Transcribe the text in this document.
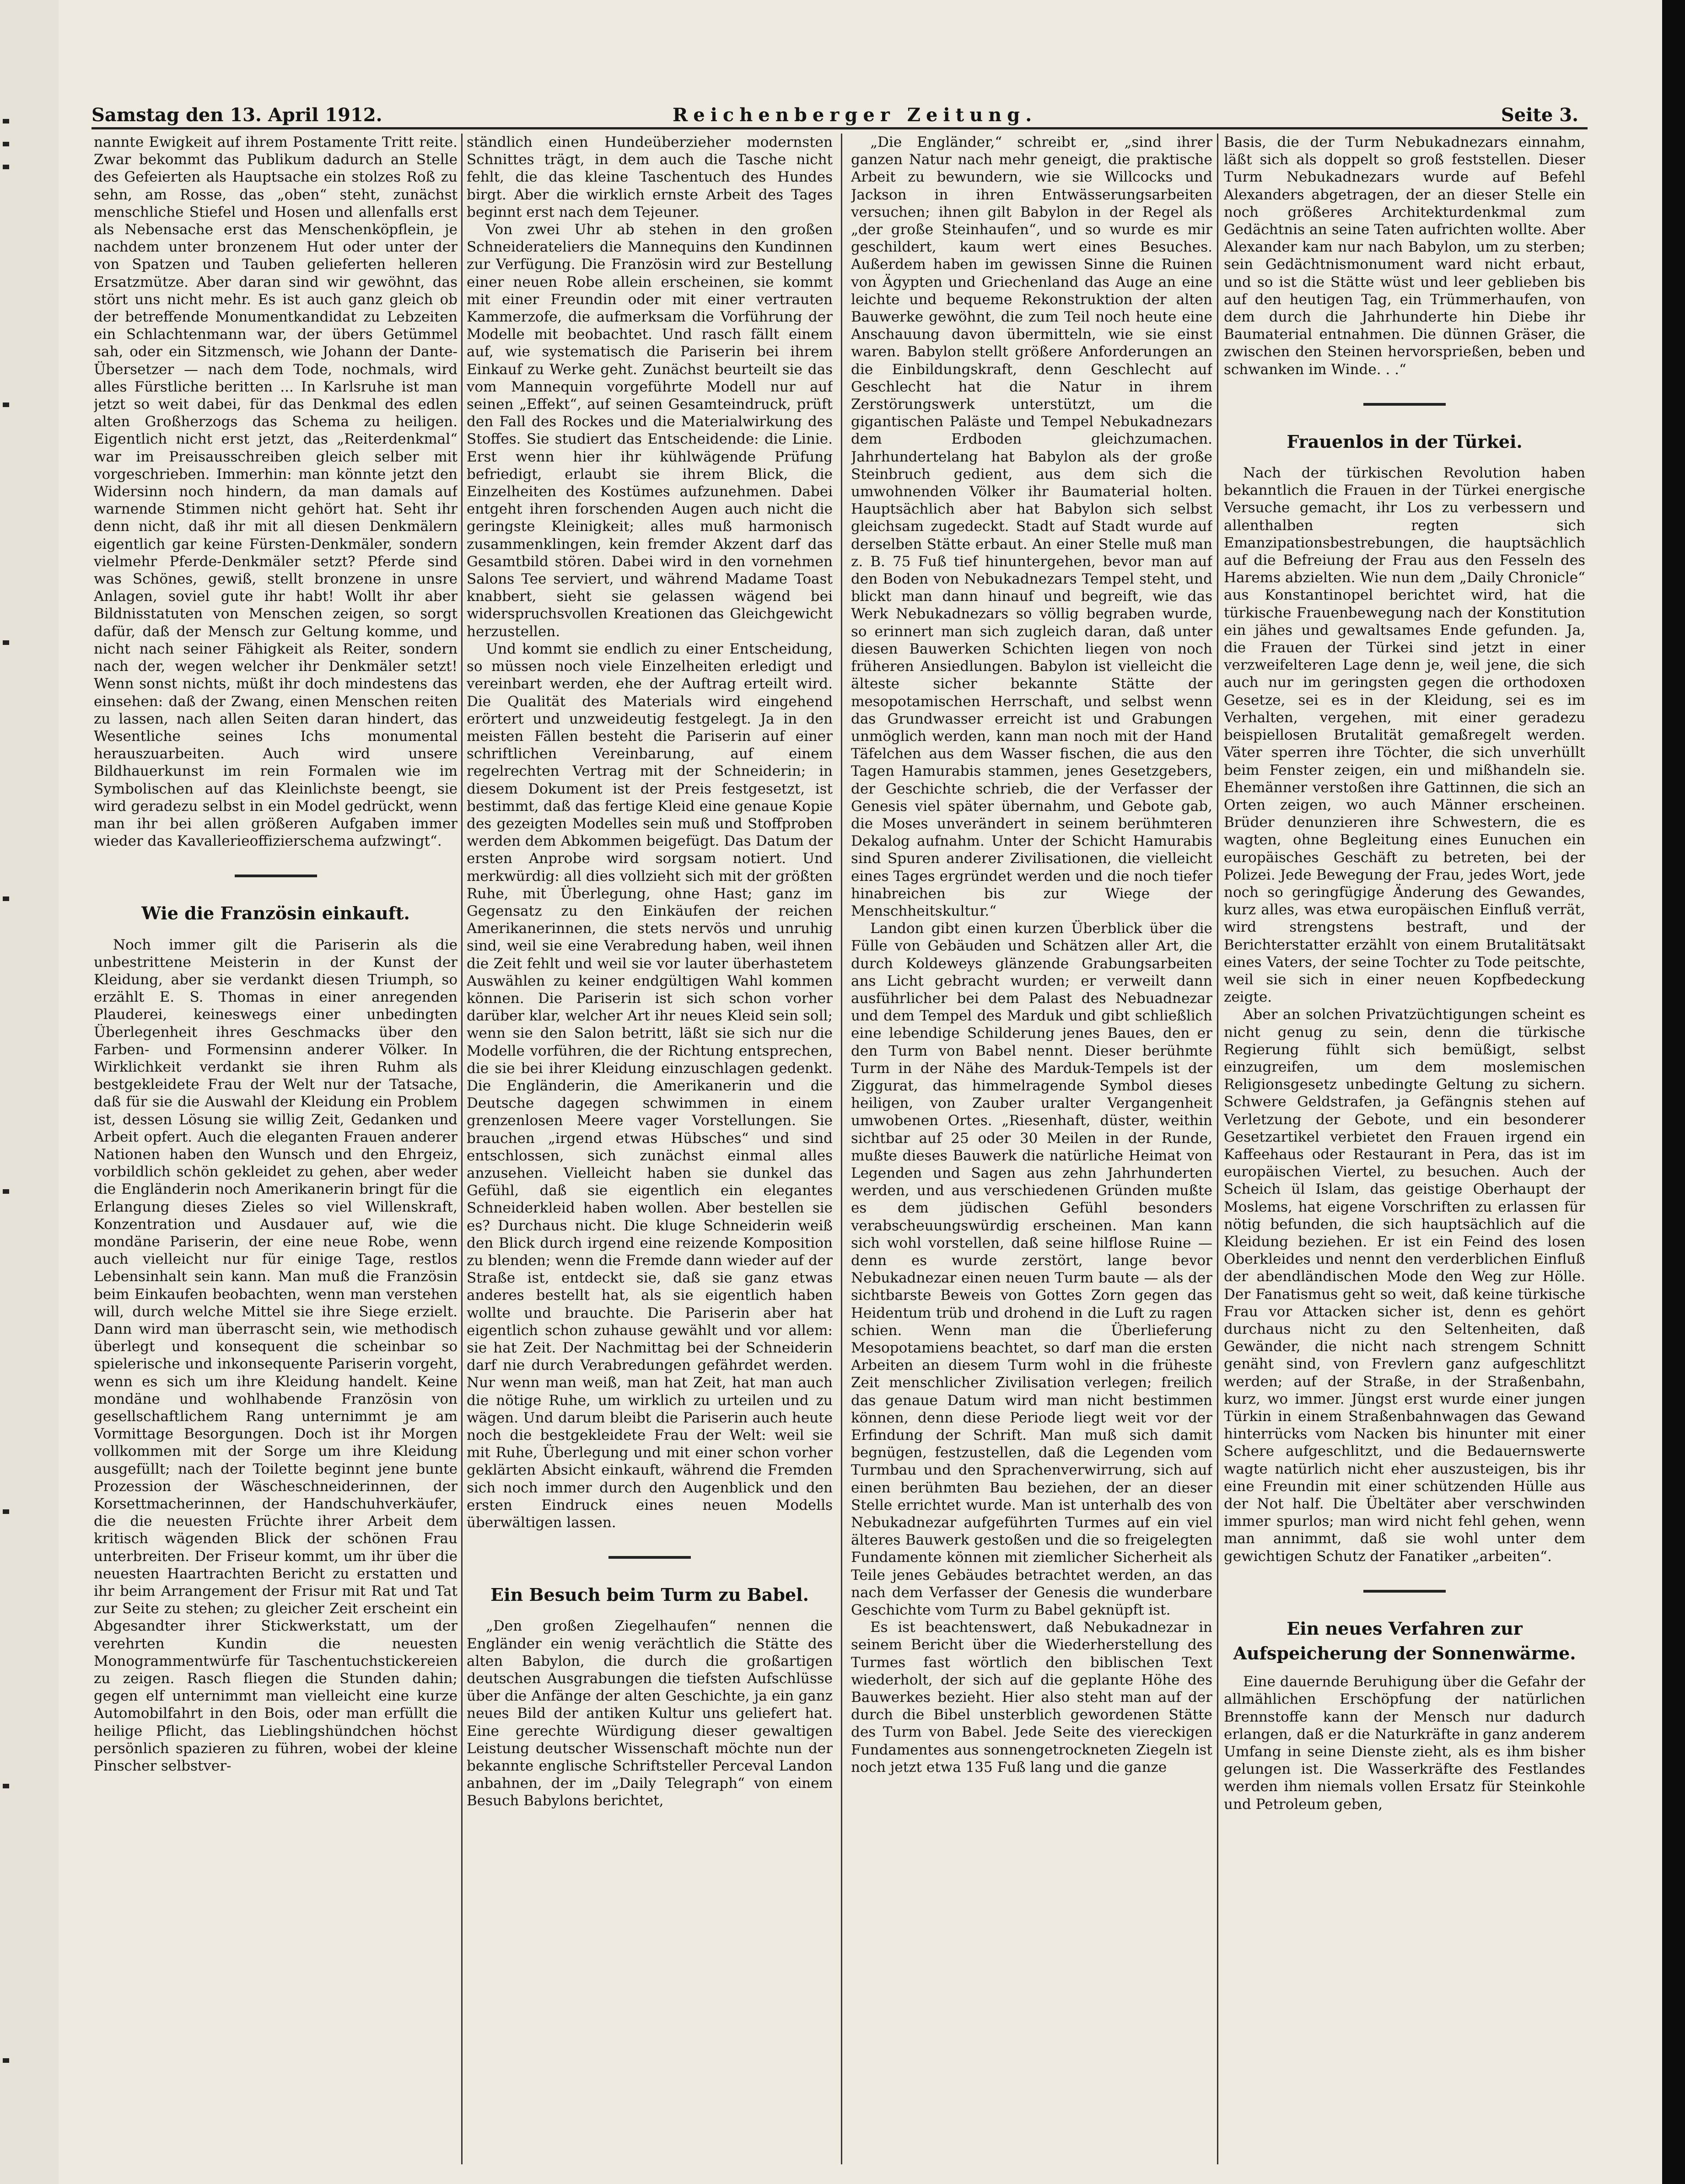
Samstag den 13. April 1912.	Reichenberger Zeitung.	Seite 3.

nannte Ewigkeit auf ihrem Postamente Tritt reite. Zwar bekommt das Publikum dadurch an Stelle des Gefeierten als Hauptsache ein stolzes Roß zu sehn, am Rosse, das „oben“ steht, zunächst menschliche Stiefel und Hosen und allenfalls erst als Nebensache erst das Menschenköpflein, je nachdem unter bronzenem Hut oder unter der von Spatzen und Tauben gelieferten helleren Ersatzmütze. Aber daran sind wir gewöhnt, das stört uns nicht mehr. Es ist auch ganz gleich ob der betreffende Monumentkandidat zu Lebzeiten ein Schlachtenmann war, der übers Getümmel sah, oder ein Sitzmensch, wie Johann der Dante-Übersetzer — nach dem Tode, nochmals, wird alles Fürstliche beritten ... In Karlsruhe ist man jetzt so weit dabei, für das Denkmal des edlen alten Großherzogs das Schema zu heiligen. Eigentlich nicht erst jetzt, das „Reiterdenkmal“ war im Preisausschreiben gleich selber mit vorgeschrieben. Immerhin: man könnte jetzt den Widersinn noch hindern, da man damals auf warnende Stimmen nicht gehört hat. Seht ihr denn nicht, daß ihr mit all diesen Denkmälern eigentlich gar keine Fürsten-Denkmäler, sondern vielmehr Pferde-Denkmäler setzt? Pferde sind was Schönes, gewiß, stellt bronzene in unsre Anlagen, soviel gute ihr habt! Wollt ihr aber Bildnisstatuten von Menschen zeigen, so sorgt dafür, daß der Mensch zur Geltung komme, und nicht nach seiner Fähigkeit als Reiter, sondern nach der, wegen welcher ihr Denkmäler setzt! Wenn sonst nichts, müßt ihr doch mindestens das einsehen: daß der Zwang, einen Menschen reiten zu lassen, nach allen Seiten daran hindert, das Wesentliche seines Ichs monumental herauszuarbeiten. Auch wird unsere Bildhauerkunst im rein Formalen wie im Symbolischen auf das Kleinlichste beengt, sie wird geradezu selbst in ein Model gedrückt, wenn man ihr bei allen größeren Aufgaben immer wieder das Kavallerieoffizierschema aufzwingt“.

Wie die Französin einkauft.

Noch immer gilt die Pariserin als die unbestrittene Meisterin in der Kunst der Kleidung, aber sie verdankt diesen Triumph, so erzählt E. S. Thomas in einer anregenden Plauderei, keineswegs einer unbedingten Überlegenheit ihres Geschmacks über den Farben- und Formensinn anderer Völker. In Wirklichkeit verdankt sie ihren Ruhm als bestgekleidete Frau der Welt nur der Tatsache, daß für sie die Auswahl der Kleidung ein Problem ist, dessen Lösung sie willig Zeit, Gedanken und Arbeit opfert. Auch die eleganten Frauen anderer Nationen haben den Wunsch und den Ehrgeiz, vorbildlich schön gekleidet zu gehen, aber weder die Engländerin noch Amerikanerin bringt für die Erlangung dieses Zieles so viel Willenskraft, Konzentration und Ausdauer auf, wie die mondäne Pariserin, der eine neue Robe, wenn auch vielleicht nur für einige Tage, restlos Lebensinhalt sein kann. Man muß die Französin beim Einkaufen beobachten, wenn man verstehen will, durch welche Mittel sie ihre Siege erzielt. Dann wird man überrascht sein, wie methodisch überlegt und konsequent die scheinbar so spielerische und inkonsequente Pariserin vorgeht, wenn es sich um ihre Kleidung handelt. Keine mondäne und wohlhabende Französin von gesellschaftlichem Rang unternimmt je am Vormittage Besorgungen. Doch ist ihr Morgen vollkommen mit der Sorge um ihre Kleidung ausgefüllt; nach der Toilette beginnt jene bunte Prozession der Wäscheschneiderinnen, der Korsettmacherinnen, der Handschuhverkäufer, die die neuesten Früchte ihrer Arbeit dem kritisch wägenden Blick der schönen Frau unterbreiten. Der Friseur kommt, um ihr über die neuesten Haartrachten Bericht zu erstatten und ihr beim Arrangement der Frisur mit Rat und Tat zur Seite zu stehen; zu gleicher Zeit erscheint ein Abgesandter ihrer Stickwerkstatt, um der verehrten Kundin die neuesten Monogrammentwürfe für Taschentuchstickereien zu zeigen. Rasch fliegen die Stunden dahin; gegen elf unternimmt man vielleicht eine kurze Automobilfahrt in den Bois, oder man erfüllt die heilige Pflicht, das Lieblingshündchen höchst persönlich spazieren zu führen, wobei der kleine Pinscher selbstver-

ständlich einen Hundeüberzieher modernsten Schnittes trägt, in dem auch die Tasche nicht fehlt, die das kleine Taschentuch des Hundes birgt. Aber die wirklich ernste Arbeit des Tages beginnt erst nach dem Tejeuner.

Von zwei Uhr ab stehen in den großen Schneiderateliers die Mannequins den Kundinnen zur Verfügung. Die Französin wird zur Bestellung einer neuen Robe allein erscheinen, sie kommt mit einer Freundin oder mit einer vertrauten Kammerzofe, die aufmerksam die Vorführung der Modelle mit beobachtet. Und rasch fällt einem auf, wie systematisch die Pariserin bei ihrem Einkauf zu Werke geht. Zunächst beurteilt sie das vom Mannequin vorgeführte Modell nur auf seinen „Effekt“, auf seinen Gesamteindruck, prüft den Fall des Rockes und die Materialwirkung des Stoffes. Sie studiert das Entscheidende: die Linie. Erst wenn hier ihr kühlwägende Prüfung befriedigt, erlaubt sie ihrem Blick, die Einzelheiten des Kostümes aufzunehmen. Dabei entgeht ihren forschenden Augen auch nicht die geringste Kleinigkeit; alles muß harmonisch zusammenklingen, kein fremder Akzent darf das Gesamtbild stören. Dabei wird in den vornehmen Salons Tee serviert, und während Madame Toast knabbert, sieht sie gelassen wägend bei widerspruchsvollen Kreationen das Gleichgewicht herzustellen.

Und kommt sie endlich zu einer Entscheidung, so müssen noch viele Einzelheiten erledigt und vereinbart werden, ehe der Auftrag erteilt wird. Die Qualität des Materials wird eingehend erörtert und unzweideutig festgelegt. Ja in den meisten Fällen besteht die Pariserin auf einer schriftlichen Vereinbarung, auf einem regelrechten Vertrag mit der Schneiderin; in diesem Dokument ist der Preis festgesetzt, ist bestimmt, daß das fertige Kleid eine genaue Kopie des gezeigten Modelles sein muß und Stoffproben werden dem Abkommen beigefügt. Das Datum der ersten Anprobe wird sorgsam notiert. Und merkwürdig: all dies vollzieht sich mit der größten Ruhe, mit Überlegung, ohne Hast; ganz im Gegensatz zu den Einkäufen der reichen Amerikanerinnen, die stets nervös und unruhig sind, weil sie eine Verabredung haben, weil ihnen die Zeit fehlt und weil sie vor lauter überhastetem Auswählen zu keiner endgültigen Wahl kommen können. Die Pariserin ist sich schon vorher darüber klar, welcher Art ihr neues Kleid sein soll; wenn sie den Salon betritt, läßt sie sich nur die Modelle vorführen, die der Richtung entsprechen, die sie bei ihrer Kleidung einzuschlagen gedenkt. Die Engländerin, die Amerikanerin und die Deutsche dagegen schwimmen in einem grenzenlosen Meere vager Vorstellungen. Sie brauchen „irgend etwas Hübsches“ und sind entschlossen, sich zunächst einmal alles anzusehen. Vielleicht haben sie dunkel das Gefühl, daß sie eigentlich ein elegantes Schneiderkleid haben wollen. Aber bestellen sie es? Durchaus nicht. Die kluge Schneiderin weiß den Blick durch irgend eine reizende Komposition zu blenden; wenn die Fremde dann wieder auf der Straße ist, entdeckt sie, daß sie ganz etwas anderes bestellt hat, als sie eigentlich haben wollte und brauchte. Die Pariserin aber hat eigentlich schon zuhause gewählt und vor allem: sie hat Zeit. Der Nachmittag bei der Schneiderin darf nie durch Verabredungen gefährdet werden. Nur wenn man weiß, man hat Zeit, hat man auch die nötige Ruhe, um wirklich zu urteilen und zu wägen. Und darum bleibt die Pariserin auch heute noch die bestgekleidete Frau der Welt: weil sie mit Ruhe, Überlegung und mit einer schon vorher geklärten Absicht einkauft, während die Fremden sich noch immer durch den Augenblick und den ersten Eindruck eines neuen Modells überwältigen lassen.

Ein Besuch beim Turm zu Babel.

„Den großen Ziegelhaufen“ nennen die Engländer ein wenig verächtlich die Stätte des alten Babylon, die durch die großartigen deutschen Ausgrabungen die tiefsten Aufschlüsse über die Anfänge der alten Geschichte, ja ein ganz neues Bild der antiken Kultur uns geliefert hat. Eine gerechte Würdigung dieser gewaltigen Leistung deutscher Wissenschaft möchte nun der bekannte englische Schriftsteller Perceval Landon anbahnen, der im „Daily Telegraph“ von einem Besuch Babylons berichtet,

„Die Engländer,“ schreibt er, „sind ihrer ganzen Natur nach mehr geneigt, die praktische Arbeit zu bewundern, wie sie Willcocks und Jackson in ihren Entwässerungsarbeiten versuchen; ihnen gilt Babylon in der Regel als „der große Steinhaufen“, und so wurde es mir geschildert, kaum wert eines Besuches. Außerdem haben im gewissen Sinne die Ruinen von Ägypten und Griechenland das Auge an eine leichte und bequeme Rekonstruktion der alten Bauwerke gewöhnt, die zum Teil noch heute eine Anschauung davon übermitteln, wie sie einst waren. Babylon stellt größere Anforderungen an die Einbildungskraft, denn Geschlecht auf Geschlecht hat die Natur in ihrem Zerstörungswerk unterstützt, um die gigantischen Paläste und Tempel Nebukadnezars dem Erdboden gleichzumachen. Jahrhundertelang hat Babylon als der große Steinbruch gedient, aus dem sich die umwohnenden Völker ihr Baumaterial holten. Hauptsächlich aber hat Babylon sich selbst gleichsam zugedeckt. Stadt auf Stadt wurde auf derselben Stätte erbaut. An einer Stelle muß man z. B. 75 Fuß tief hinuntergehen, bevor man auf den Boden von Nebukadnezars Tempel steht, und blickt man dann hinauf und begreift, wie das Werk Nebukadnezars so völlig begraben wurde, so erinnert man sich zugleich daran, daß unter diesen Bauwerken Schichten liegen von noch früheren Ansiedlungen. Babylon ist vielleicht die älteste sicher bekannte Stätte der mesopotamischen Herrschaft, und selbst wenn das Grundwasser erreicht ist und Grabungen unmöglich werden, kann man noch mit der Hand Täfelchen aus dem Wasser fischen, die aus den Tagen Hamurabis stammen, jenes Gesetzgebers, der Geschichte schrieb, die der Verfasser der Genesis viel später übernahm, und Gebote gab, die Moses unverändert in seinem berühmteren Dekalog aufnahm. Unter der Schicht Hamurabis sind Spuren anderer Zivilisationen, die vielleicht eines Tages ergründet werden und die noch tiefer hinabreichen bis zur Wiege der Menschheitskultur.“

Landon gibt einen kurzen Überblick über die Fülle von Gebäuden und Schätzen aller Art, die durch Koldeweys glänzende Grabungsarbeiten ans Licht gebracht wurden; er verweilt dann ausführlicher bei dem Palast des Nebuadnezar und dem Tempel des Marduk und gibt schließlich eine lebendige Schilderung jenes Baues, den er den Turm von Babel nennt. Dieser berühmte Turm in der Nähe des Marduk-Tempels ist der Ziggurat, das himmelragende Symbol dieses heiligen, von Zauber uralter Vergangenheit umwobenen Ortes. „Riesenhaft, düster, weithin sichtbar auf 25 oder 30 Meilen in der Runde, mußte dieses Bauwerk die natürliche Heimat von Legenden und Sagen aus zehn Jahrhunderten werden, und aus verschiedenen Gründen mußte es dem jüdischen Gefühl besonders verabscheuungswürdig erscheinen. Man kann sich wohl vorstellen, daß seine hilflose Ruine — denn es wurde zerstört, lange bevor Nebukadnezar einen neuen Turm baute — als der sichtbarste Beweis von Gottes Zorn gegen das Heidentum trüb und drohend in die Luft zu ragen schien. Wenn man die Überlieferung Mesopotamiens beachtet, so darf man die ersten Arbeiten an diesem Turm wohl in die früheste Zeit menschlicher Zivilisation verlegen; freilich das genaue Datum wird man nicht bestimmen können, denn diese Periode liegt weit vor der Erfindung der Schrift. Man muß sich damit begnügen, festzustellen, daß die Legenden vom Turmbau und den Sprachenverwirrung, sich auf einen berühmten Bau beziehen, der an dieser Stelle errichtet wurde. Man ist unterhalb des von Nebukadnezar aufgeführten Turmes auf ein viel älteres Bauwerk gestoßen und die so freigelegten Fundamente können mit ziemlicher Sicherheit als Teile jenes Gebäudes betrachtet werden, an das nach dem Verfasser der Genesis die wunderbare Geschichte vom Turm zu Babel geknüpft ist.

Es ist beachtenswert, daß Nebukadnezar in seinem Bericht über die Wiederherstellung des Turmes fast wörtlich den biblischen Text wiederholt, der sich auf die geplante Höhe des Bauwerkes bezieht. Hier also steht man auf der durch die Bibel unsterblich gewordenen Stätte des Turm von Babel. Jede Seite des viereckigen Fundamentes aus sonnengetrockneten Ziegeln ist noch jetzt etwa 135 Fuß lang und die ganze

Basis, die der Turm Nebukadnezars einnahm, läßt sich als doppelt so groß feststellen. Dieser Turm Nebukadnezars wurde auf Befehl Alexanders abgetragen, der an dieser Stelle ein noch größeres Architekturdenkmal zum Gedächtnis an seine Taten aufrichten wollte. Aber Alexander kam nur nach Babylon, um zu sterben; sein Gedächtnismonument ward nicht erbaut, und so ist die Stätte wüst und leer geblieben bis auf den heutigen Tag, ein Trümmerhaufen, von dem durch die Jahrhunderte hin Diebe ihr Baumaterial entnahmen. Die dünnen Gräser, die zwischen den Steinen hervorsprießen, beben und schwanken im Winde. . .“

Frauenlos in der Türkei.

Nach der türkischen Revolution haben bekanntlich die Frauen in der Türkei energische Versuche gemacht, ihr Los zu verbessern und allenthalben regten sich Emanzipationsbestrebungen, die hauptsächlich auf die Befreiung der Frau aus den Fesseln des Harems abzielten. Wie nun dem „Daily Chronicle“ aus Konstantinopel berichtet wird, hat die türkische Frauenbewegung nach der Konstitution ein jähes und gewaltsames Ende gefunden. Ja, die Frauen der Türkei sind jetzt in einer verzweifelteren Lage denn je, weil jene, die sich auch nur im geringsten gegen die orthodoxen Gesetze, sei es in der Kleidung, sei es im Verhalten, vergehen, mit einer geradezu beispiellosen Brutalität gemaßregelt werden. Väter sperren ihre Töchter, die sich unverhüllt beim Fenster zeigen, ein und mißhandeln sie. Ehemänner verstoßen ihre Gattinnen, die sich an Orten zeigen, wo auch Männer erscheinen. Brüder denunzieren ihre Schwestern, die es wagten, ohne Begleitung eines Eunuchen ein europäisches Geschäft zu betreten, bei der Polizei. Jede Bewegung der Frau, jedes Wort, jede noch so geringfügige Änderung des Gewandes, kurz alles, was etwa europäischen Einfluß verrät, wird strengstens bestraft, und der Berichterstatter erzählt von einem Brutalitätsakt eines Vaters, der seine Tochter zu Tode peitschte, weil sie sich in einer neuen Kopfbedeckung zeigte.

Aber an solchen Privatzüchtigungen scheint es nicht genug zu sein, denn die türkische Regierung fühlt sich bemüßigt, selbst einzugreifen, um dem moslemischen Religionsgesetz unbedingte Geltung zu sichern. Schwere Geldstrafen, ja Gefängnis stehen auf Verletzung der Gebote, und ein besonderer Gesetzartikel verbietet den Frauen irgend ein Kaffeehaus oder Restaurant in Pera, das ist im europäischen Viertel, zu besuchen. Auch der Scheich ül Islam, das geistige Oberhaupt der Moslems, hat eigene Vorschriften zu erlassen für nötig befunden, die sich hauptsächlich auf die Kleidung beziehen. Er ist ein Feind des losen Oberkleides und nennt den verderblichen Einfluß der abendländischen Mode den Weg zur Hölle. Der Fanatismus geht so weit, daß keine türkische Frau vor Attacken sicher ist, denn es gehört durchaus nicht zu den Seltenheiten, daß Gewänder, die nicht nach strengem Schnitt genäht sind, von Frevlern ganz aufgeschlitzt werden; auf der Straße, in der Straßenbahn, kurz, wo immer. Jüngst erst wurde einer jungen Türkin in einem Straßenbahnwagen das Gewand hinterrücks vom Nacken bis hinunter mit einer Schere aufgeschlitzt, und die Bedauernswerte wagte natürlich nicht eher auszusteigen, bis ihr eine Freundin mit einer schützenden Hülle aus der Not half. Die Übeltäter aber verschwinden immer spurlos; man wird nicht fehl gehen, wenn man annimmt, daß sie wohl unter dem gewichtigen Schutz der Fanatiker „arbeiten“.

Ein neues Verfahren zur
Aufspeicherung der Sonnenwärme.

Eine dauernde Beruhigung über die Gefahr der allmählichen Erschöpfung der natürlichen Brennstoffe kann der Mensch nur dadurch erlangen, daß er die Naturkräfte in ganz anderem Umfang in seine Dienste zieht, als es ihm bisher gelungen ist. Die Wasserkräfte des Festlandes werden ihm niemals vollen Ersatz für Steinkohle und Petroleum geben,
